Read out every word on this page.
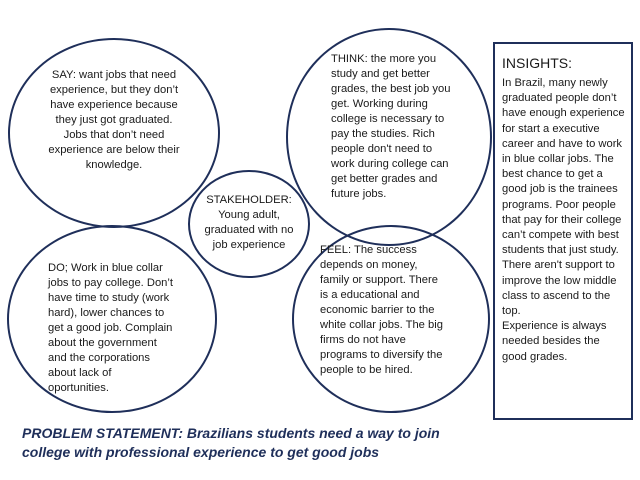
SAY: want jobs that need
experience, but they don’t
have experience because
they just got graduated.
Jobs that don’t need
experience are below their
knowledge.
THINK: the more you
study and get better
grades, the best job you
get. Working during
college is necessary to
pay the studies. Rich
people don't need to
work during college can
get better grades and
future jobs.
STAKEHOLDER:
Young adult,
graduated with no
job experience
DO; Work in blue collar
jobs to pay college. Don’t
have time to study (work
hard), lower chances to
get a good job. Complain
about the government
and the corporations
about lack of
oportunities.
FEEL: The success
depends on money,
family or support. There
is a educational and
economic barrier to the
white collar jobs. The big
firms do not have
programs to diversify the
people to be hired.
INSIGHTS:

In Brazil, many newly

graduated people don’t

have enough experience

for start a executive

career and have to work

in blue collar jobs. The

best chance to get a

good job is the trainees

programs. Poor people

that pay for their college

can’t compete with best

students that just study.

There aren't support to

improve the low middle

class to ascend to the

top.

Experience is always

needed besides the

good grades.

PROBLEM STATEMENT: Brazilians students need a way to join
college with professional experience to get good jobs
